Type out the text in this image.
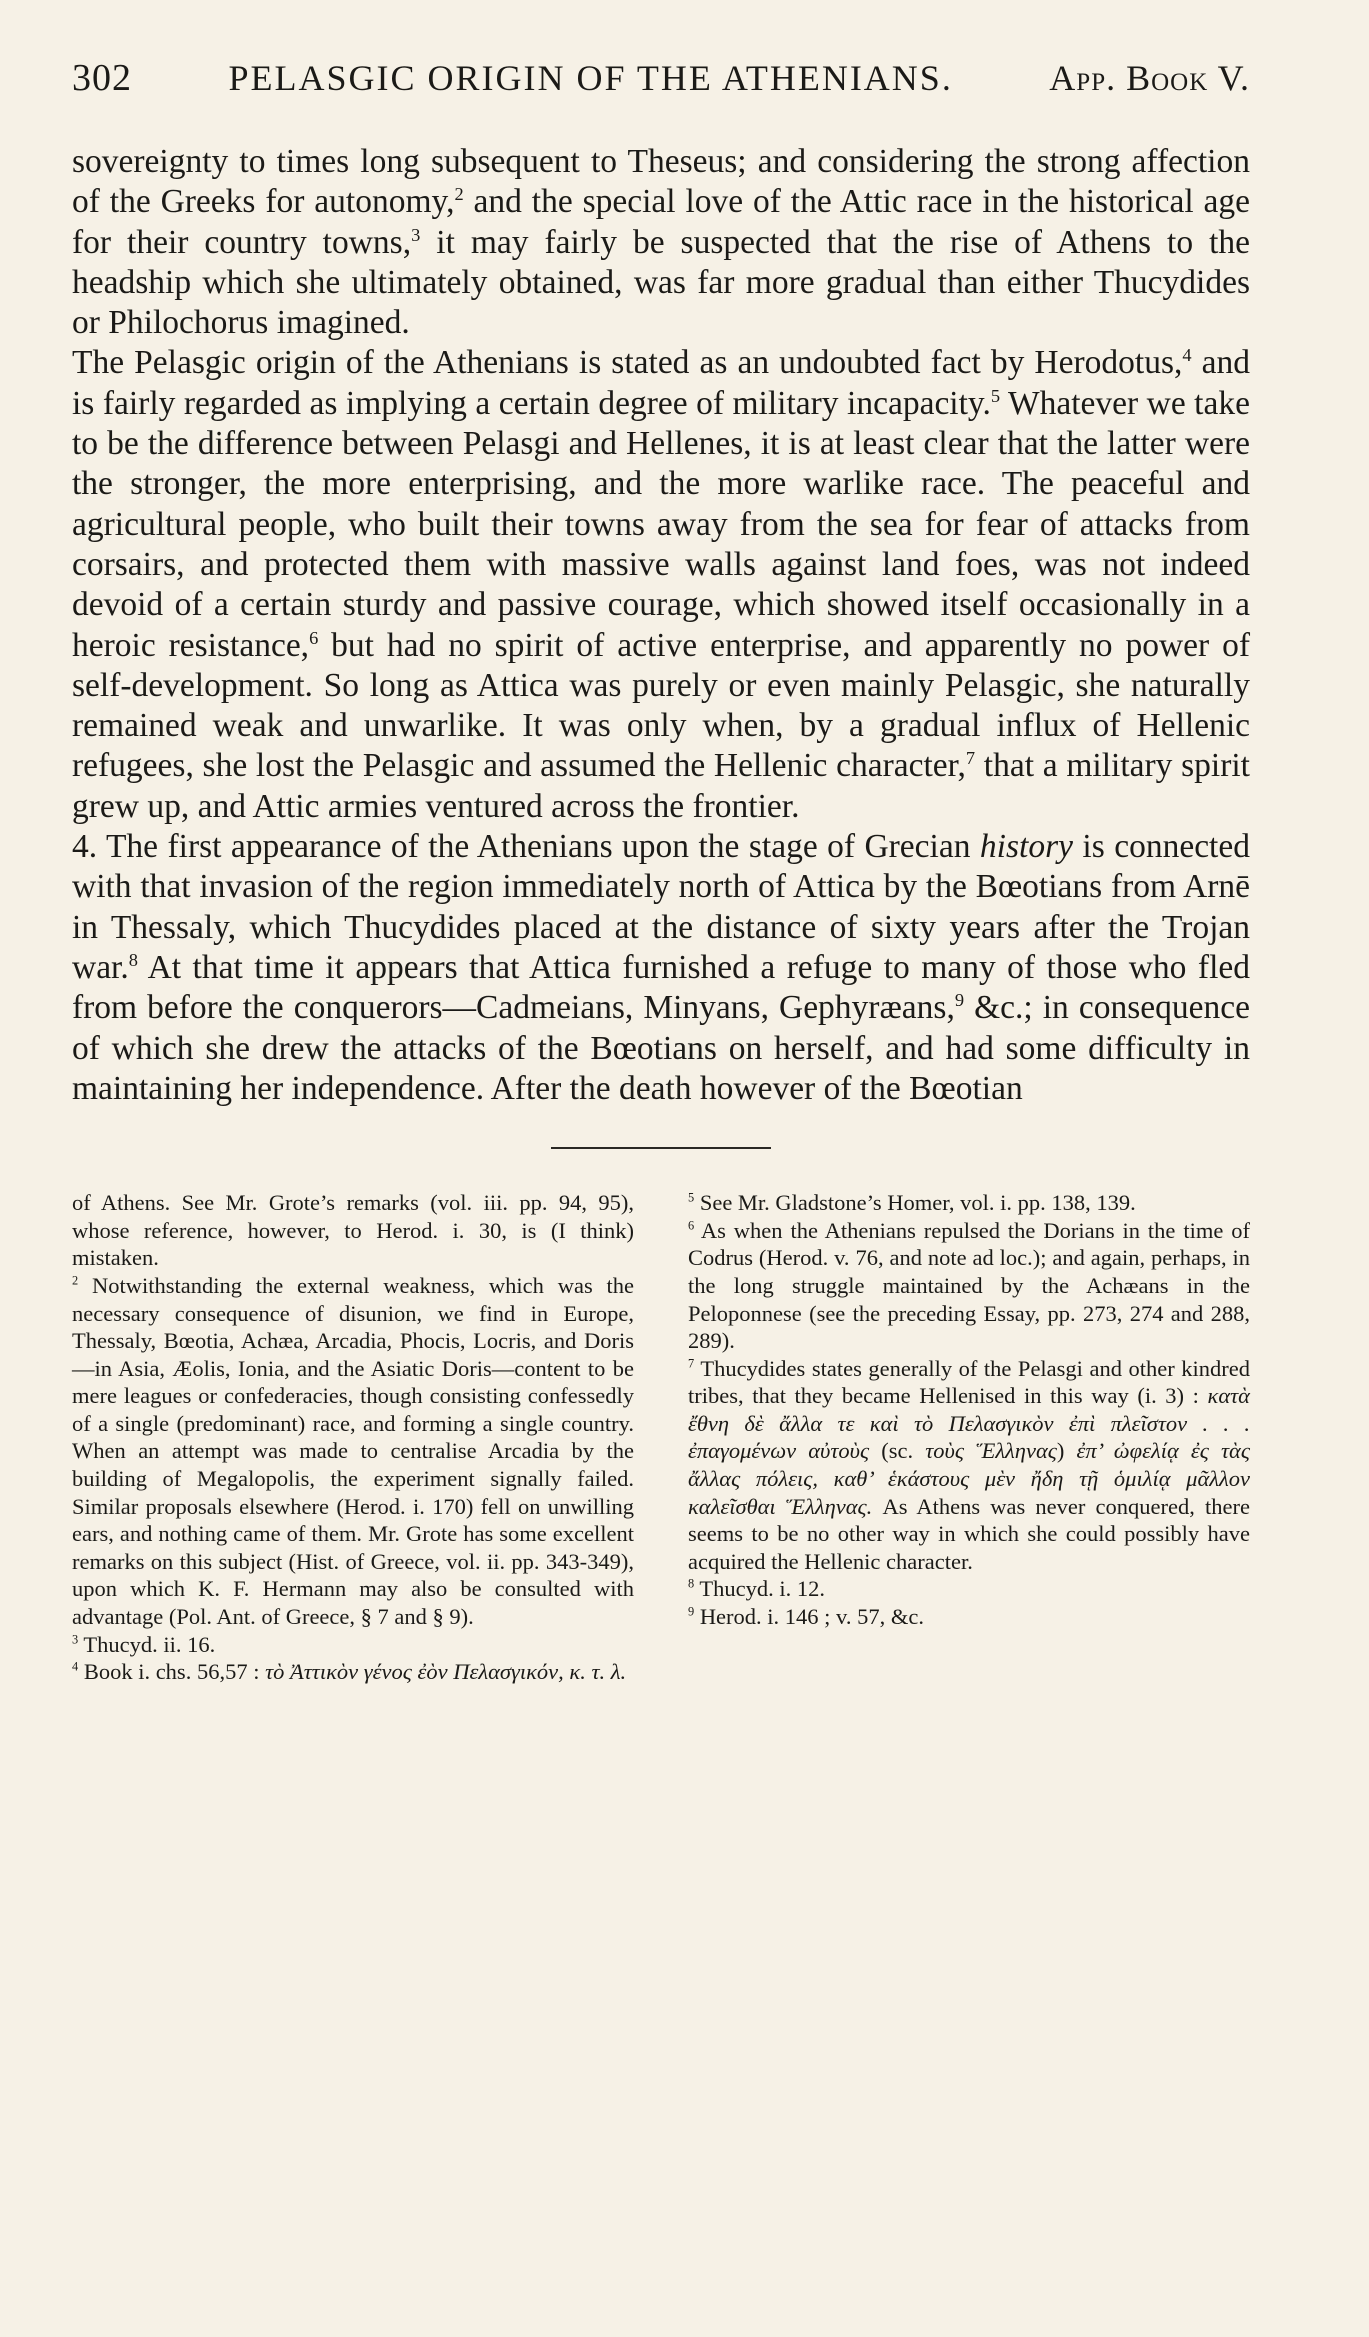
302	PELASGIC ORIGIN OF THE ATHENIANS.	App. Book V.

sovereignty to times long subsequent to Theseus; and considering the strong affection of the Greeks for autonomy,$^2$ and the special love of the Attic race in the historical age for their country towns,$^3$ it may fairly be suspected that the rise of Athens to the headship which she ultimately obtained, was far more gradual than either Thucydides or Philochorus imagined.

The Pelasgic origin of the Athenians is stated as an undoubted fact by Herodotus,$^4$ and is fairly regarded as implying a certain degree of military incapacity.$^5$ Whatever we take to be the difference between Pelasgi and Hellenes, it is at least clear that the latter were the stronger, the more enterprising, and the more warlike race. The peaceful and agricultural people, who built their towns away from the sea for fear of attacks from corsairs, and protected them with massive walls against land foes, was not indeed devoid of a certain sturdy and passive courage, which showed itself occasionally in a heroic resistance,$^6$ but had no spirit of active enterprise, and apparently no power of self-development. So long as Attica was purely or even mainly Pelasgic, she naturally remained weak and unwarlike. It was only when, by a gradual influx of Hellenic refugees, she lost the Pelasgic and assumed the Hellenic character,$^7$ that a military spirit grew up, and Attic armies ventured across the frontier.

4. The first appearance of the Athenians upon the stage of Grecian history is connected with that invasion of the region immediately north of Attica by the Bœotians from Arnē in Thessaly, which Thucydides placed at the distance of sixty years after the Trojan war.$^8$ At that time it appears that Attica furnished a refuge to many of those who fled from before the conquerors—Cadmeians, Minyans, Gephyræans,$^9$ &c.; in consequence of which she drew the attacks of the Bœotians on herself, and had some difficulty in maintaining her independence. After the death however of the Bœotian

of Athens. See Mr. Grote’s remarks (vol. iii. pp. 94, 95), whose reference, however, to Herod. i. 30, is (I think) mistaken.

$^2$ Notwithstanding the external weakness, which was the necessary consequence of disunion, we find in Europe, Thessaly, Bœotia, Achæa, Arcadia, Phocis, Locris, and Doris—in Asia, Æolis, Ionia, and the Asiatic Doris—content to be mere leagues or confederacies, though consisting confessedly of a single (predominant) race, and forming a single country. When an attempt was made to centralise Arcadia by the building of Megalopolis, the experiment signally failed. Similar proposals elsewhere (Herod. i. 170) fell on unwilling ears, and nothing came of them. Mr. Grote has some excellent remarks on this subject (Hist. of Greece, vol. ii. pp. 343-349), upon which K. F. Hermann may also be consulted with advantage (Pol. Ant. of Greece, § 7 and § 9).

$^3$ Thucyd. ii. 16.

$^4$ Book i. chs. 56,57 : τὸ Ἀττικὸν γένος ἐὸν Πελασγικόν, κ. τ. λ.

$^5$ See Mr. Gladstone’s Homer, vol. i. pp. 138, 139.

$^6$ As when the Athenians repulsed the Dorians in the time of Codrus (Herod. v. 76, and note ad loc.); and again, perhaps, in the long struggle maintained by the Achæans in the Peloponnese (see the preceding Essay, pp. 273, 274 and 288, 289).

$^7$ Thucydides states generally of the Pelasgi and other kindred tribes, that they became Hellenised in this way (i. 3) : κατὰ ἔθνη δὲ ἄλλα τε καὶ τὸ Πελασγικὸν ἐπὶ πλεῖστον . . . ἐπαγομένων αὐτοὺς (sc. τοὺς Ἕλληνας) ἐπ’ ὠφελίᾳ ἐς τὰς ἄλλας πόλεις, καθ’ ἑκάστους μὲν ἤδη τῇ ὁμιλίᾳ μᾶλλον καλεῖσθαι Ἕλληνας. As Athens was never conquered, there seems to be no other way in which she could possibly have acquired the Hellenic character.

$^8$ Thucyd. i. 12.

$^9$ Herod. i. 146 ; v. 57, &c.
